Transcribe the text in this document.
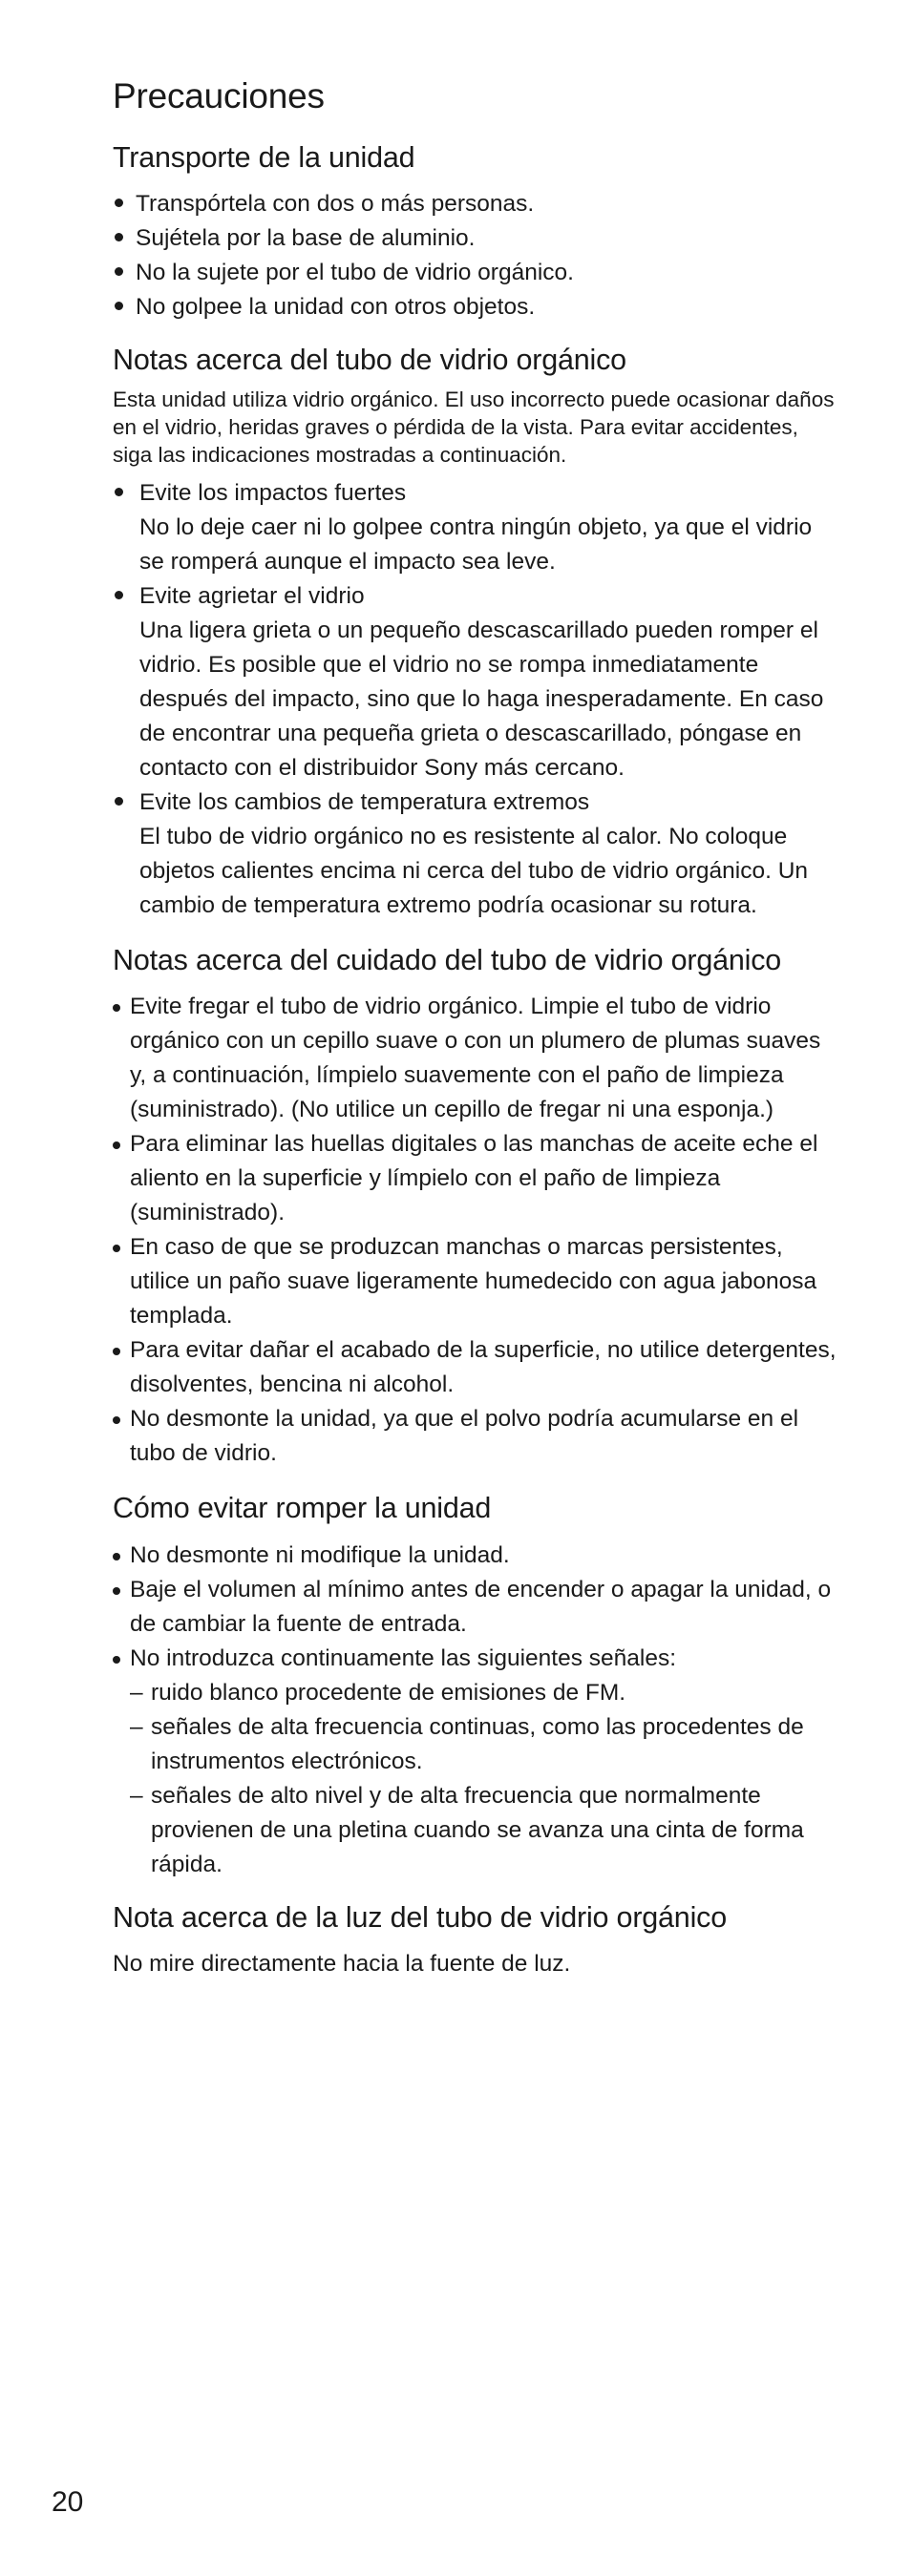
Precauciones
Transporte de la unidad
Transpórtela con dos o más personas.
Sujétela por la base de aluminio.
No la sujete por el tubo de vidrio orgánico.
No golpee la unidad con otros objetos.
Notas acerca del tubo de vidrio orgánico

Esta unidad utiliza vidrio orgánico. El uso incorrecto puede ocasionar daños en el vidrio, heridas graves o pérdida de la vista. Para evitar accidentes, siga las indicaciones mostradas a continuación.

Evite los impactos fuertes
No lo deje caer ni lo golpee contra ningún objeto, ya que el vidrio se romperá aunque el impacto sea leve.
Evite agrietar el vidrio
Una ligera grieta o un pequeño descascarillado pueden romper el vidrio. Es posible que el vidrio no se rompa inmediatamente después del impacto, sino que lo haga inesperadamente. En caso de encontrar una pequeña grieta o descascarillado, póngase en contacto con el distribuidor Sony más cercano.
Evite los cambios de temperatura extremos
El tubo de vidrio orgánico no es resistente al calor. No coloque objetos calientes encima ni cerca del tubo de vidrio orgánico. Un cambio de temperatura extremo podría ocasionar su rotura.
Notas acerca del cuidado del tubo de vidrio orgánico
Evite fregar el tubo de vidrio orgánico. Limpie el tubo de vidrio orgánico con un cepillo suave o con un plumero de plumas suaves y, a continuación, límpielo suavemente con el paño de limpieza (suministrado). (No utilice un cepillo de fregar ni una esponja.)
Para eliminar las huellas digitales o las manchas de aceite eche el aliento en la superficie y límpielo con el paño de limpieza (suministrado).
En caso de que se produzcan manchas o marcas persistentes, utilice un paño suave ligeramente humedecido con agua jabonosa templada.
Para evitar dañar el acabado de la superficie, no utilice detergentes, disolventes, bencina ni alcohol.
No desmonte la unidad, ya que el polvo podría acumularse en el tubo de vidrio.
Cómo evitar romper la unidad
No desmonte ni modifique la unidad.
Baje el volumen al mínimo antes de encender o apagar la unidad, o de cambiar la fuente de entrada.
No introduzca continuamente las siguientes señales:
– ruido blanco procedente de emisiones de FM.
– señales de alta frecuencia continuas, como las procedentes de instrumentos electrónicos.
– señales de alto nivel y de alta frecuencia que normalmente provienen de una pletina cuando se avanza una cinta de forma rápida.
Nota acerca de la luz del tubo de vidrio orgánico

No mire directamente hacia la fuente de luz.

20
